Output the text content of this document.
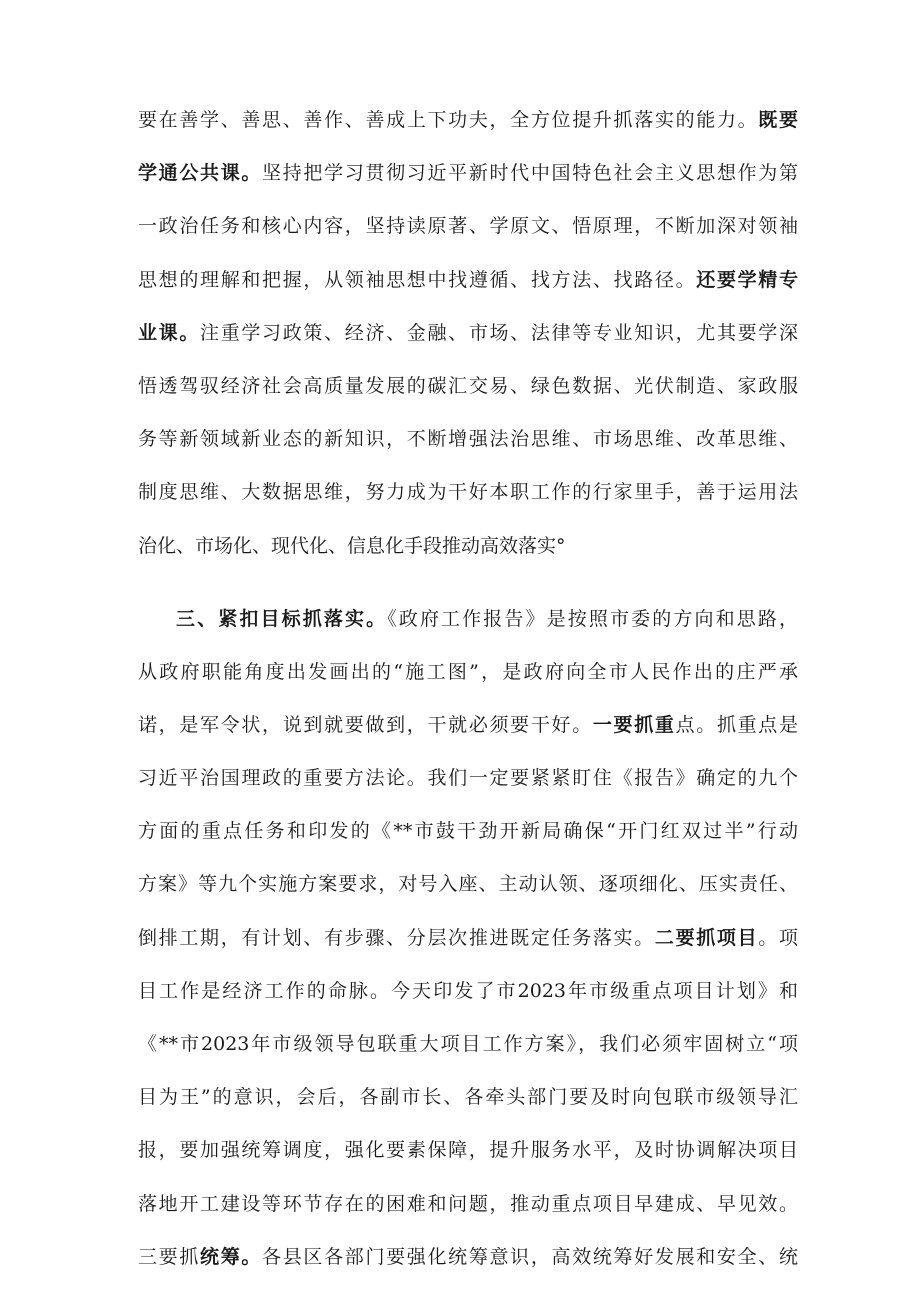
要在善学、善思、善作、善成上下功夫，全方位提升抓落实的能力。既要
学通公共课。坚持把学习贯彻习近平新时代中国特色社会主义思想作为第
一政治任务和核心内容，坚持读原著、学原文、悟原理，不断加深对领袖
思想的理解和把握，从领袖思想中找遵循、找方法、找路径。还要学精专
业课。注重学习政策、经济、金融、市场、法律等专业知识，尤其要学深
悟透驾驭经济社会高质量发展的碳汇交易、绿色数据、光伏制造、家政服
务等新领域新业态的新知识，不断增强法治思维、市场思维、改革思维、
制度思维、大数据思维，努力成为干好本职工作的行家里手，善于运用法
治化、市场化、现代化、信息化手段推动高效落实°
三、紧扣目标抓落实。《政府工作报告》是按照市委的方向和思路，
从政府职能角度出发画出的“施工图”，是政府向全市人民作出的庄严承
诺，是军令状，说到就要做到，干就必须要干好。一要抓重点。抓重点是
习近平治国理政的重要方法论。我们一定要紧紧盯住《报告》确定的九个
方面的重点任务和印发的《**市鼓干劲开新局确保“开门红双过半”行动
方案》等九个实施方案要求，对号入座、主动认领、逐项细化、压实责任、
倒排工期，有计划、有步骤、分层次推进既定任务落实。二要抓项目。项
目工作是经济工作的命脉。今天印发了市2023年市级重点项目计划》和
《**市2023年市级领导包联重大项目工作方案》，我们必须牢固树立“项
目为王”的意识，会后，各副市长、各牵头部门要及时向包联市级领导汇
报，要加强统筹调度，强化要素保障，提升服务水平，及时协调解决项目
落地开工建设等环节存在的困难和问题，推动重点项目早建成、早见效。
三要抓统筹。各县区各部门要强化统筹意识，高效统筹好发展和安全、统
